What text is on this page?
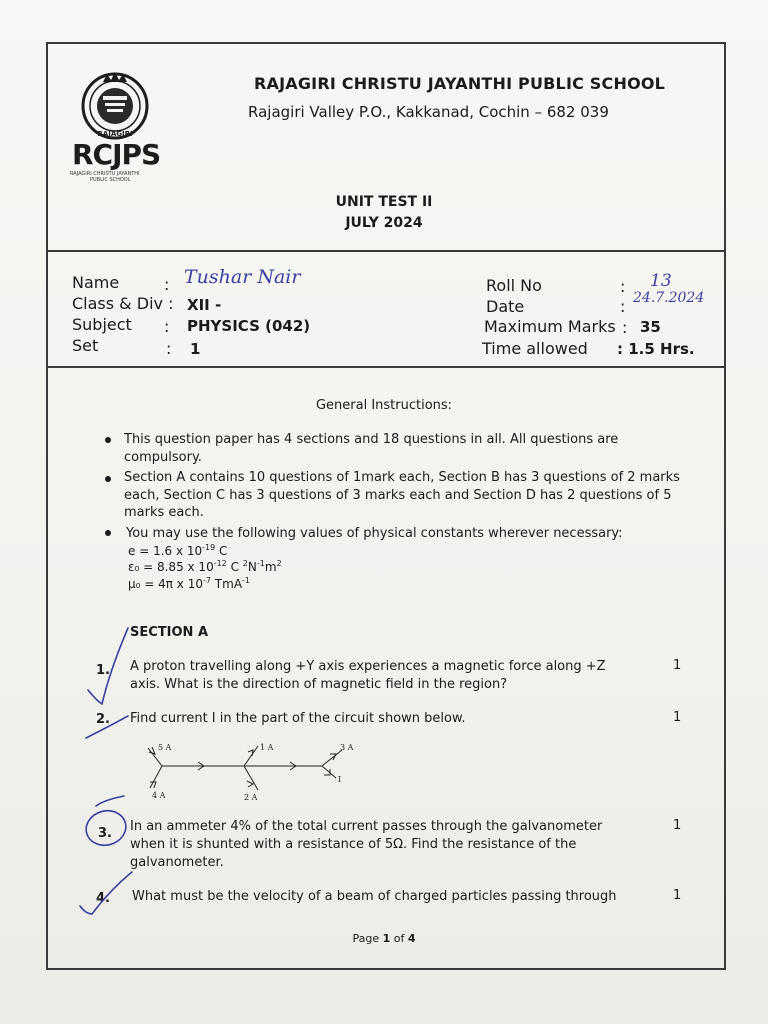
RAJAGIRI
RCJPS
RAJAGIRI CHRISTU JAYANTHI
PUBLIC SCHOOL
RAJAGIRI CHRISTU JAYANTHI PUBLIC SCHOOL
Rajagiri Valley P.O., Kakkanad, Cochin – 682 039
UNIT TEST II
JULY 2024
Name	: Tushar Nair
Class & Div : XII -
Subject : PHYSICS (042)
Set	: 1
Roll No	: 13
Date	: 24.7.2024
Maximum Marks : 35
Time allowed : 1.5 Hrs.
General Instructions:
This question paper has 4 sections and 18 questions in all. All questions are compulsory.
Section A contains 10 questions of 1mark each, Section B has 3 questions of 2 marks each, Section C has 3 questions of 3 marks each and Section D has 2 questions of 5 marks each.
You may use the following values of physical constants wherever necessary:
e = 1.6 x $10^{-19}$ C
ε₀ = 8.85 x $10^{-12}$ C $^2N^{-1}m^2$
μ₀ = 4π x $10^{-7}$ TmA$^{-1}$
SECTION A
1. A proton travelling along +Y axis experiences a magnetic force along +Z axis. What is the direction of magnetic field in the region?
1
2. Find current I in the part of the circuit shown below.	1
5 A	1 A	3 A
4 A	2 A
I
3. In an ammeter 4% of the total current passes through the galvanometer when it is shunted with a resistance of 5Ω. Find the resistance of the galvanometer.
1
4. What must be the velocity of a beam of charged particles passing through	1
Page 1 of 4
